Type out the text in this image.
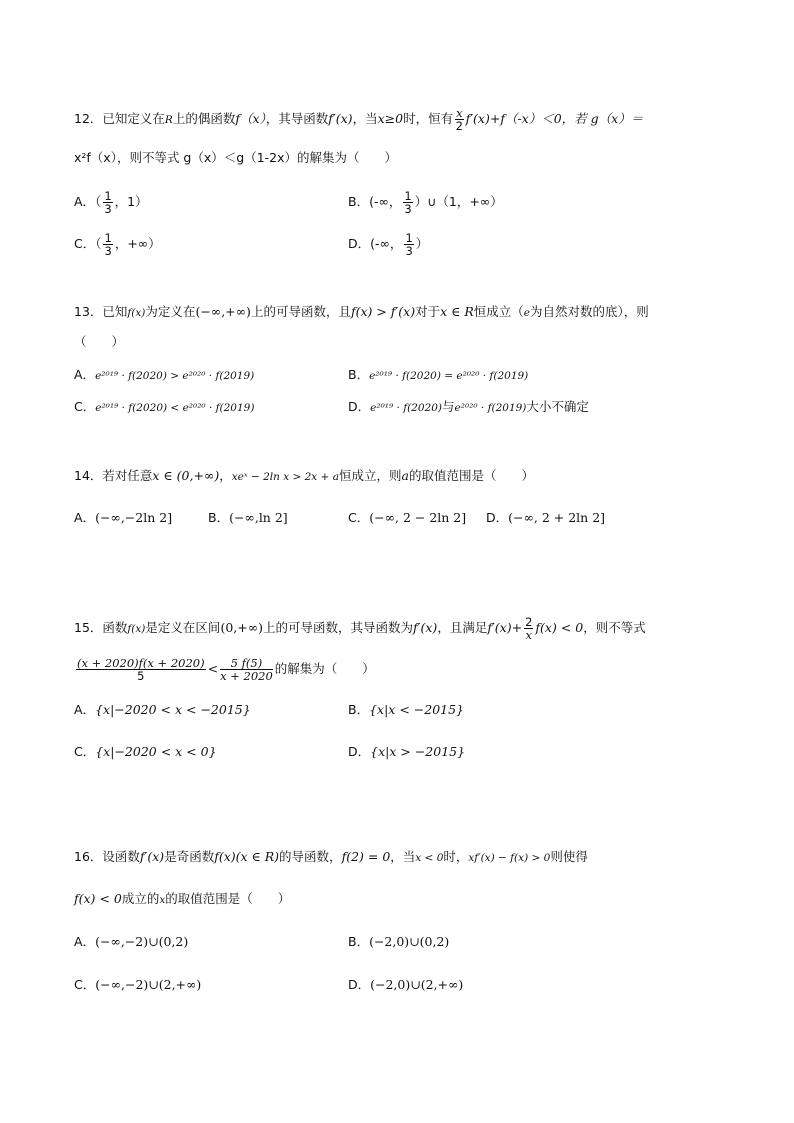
12．已知定义在R上的偶函数f（x），其导函数f′(x)，当x≥0时，恒有 $\frac{x}{2} f'(x)+f(-x)<0$，若 g（x）＝
x²f（x），则不等式 g（x）＜g（1-2x）的解集为（　　）
A．（ $\frac{1}{3}$ ，1）	B．(-∞， $\frac{1}{3}$ ）∪（1，+∞）
C．（ $\frac{1}{3}$ ，+∞）	D．(-∞， $\frac{1}{3}$ ）
13．已知f(x)为定义在(−∞,+∞)上的可导函数，且f(x) > f′(x)对于x ∈ R恒成立（e为自然对数的底），则
（　　）
A．e²⁰¹⁹ · f(2020) > e²⁰²⁰ · f(2019)	B．e²⁰¹⁹ · f(2020) = e²⁰²⁰ · f(2019)
C．e²⁰¹⁹ · f(2020) < e²⁰²⁰ · f(2019)	D．e²⁰¹⁹ · f(2020)与e²⁰²⁰ · f(2019)大小不确定
14．若对任意x ∈ (0,+∞)，xeˣ − 2ln x > 2x + a恒成立，则a的取值范围是（　　）
A．(−∞,−2ln 2]	B．(−∞,ln 2]	C．(−∞, 2 − 2ln 2] D．(−∞, 2 + 2ln 2]
15．函数f(x)是定义在区间(0,+∞)上的可导函数，其导函数为f′(x)，且满足$f'(x)+ \frac{2}{x} f(x) < 0$，则不等式
$\frac{(x + 2020)f(x + 2020)}{5} < \frac{5 f(5)}{x + 2020}$ 的解集为（　　）
A．{x|−2020 < x < −2015}	B．{x|x < −2015}
C．{x|−2020 < x < 0}	D．{x|x > −2015}
16．设函数f′(x)是奇函数f(x)(x ∈ R)的导函数，f(2) = 0，当x < 0时，xf′(x) − f(x) > 0则使得
f(x) < 0成立的x的取值范围是（　　）
A．(−∞,−2)∪(0,2)	B．(−2,0)∪(0,2)
C．(−∞,−2)∪(2,+∞)	D．(−2,0)∪(2,+∞)
